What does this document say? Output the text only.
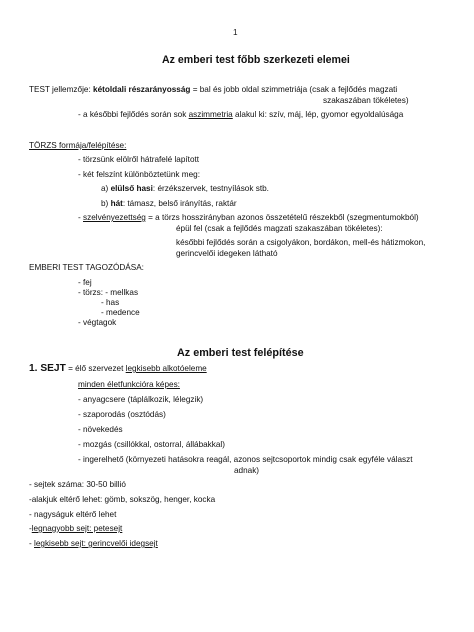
1
Az emberi test főbb szerkezeti elemei
TEST jellemzője: kétoldali részarányosság = bal és jobb oldal szimmetriája (csak a fejlődés magzati
szakaszában tökéletes)
- a későbbi fejlődés során sok aszimmetria alakul ki: szív, máj, lép, gyomor egyoldalúsága
TÖRZS formája/felépítése:
- törzsünk elölről hátrafelé lapított
- két felszínt különböztetünk meg:
a) elülső hasi: érzékszervek, testnyílások stb.
b) hát: támasz, belső irányítás, raktár
- szelvényezettség = a törzs hosszirányban azonos összetételű részekből (szegmentumokból)
épül fel (csak a fejlődés magzati szakaszában tökéletes):
későbbi fejlődés során a csigolyákon, bordákon, mell-és hátizmokon,
gerincvelői idegeken látható
EMBERI TEST TAGOZÓDÁSA:
- fej
- törzs: - mellkas
- has
- medence
- végtagok
Az emberi test felépítése
1. SEJT = élő szervezet legkisebb alkotóeleme
minden életfunkcióra képes:
- anyagcsere (táplálkozik, lélegzik)
- szaporodás (osztódás)
- növekedés
- mozgás (csillókkal, ostorral, állábakkal)
- ingerelhető (környezeti hatásokra reagál, azonos sejtcsoportok mindig csak egyféle választ
adnak)
- sejtek száma: 30-50 billió
-alakjuk eltérő lehet: gömb, sokszög, henger, kocka
- nagyságuk eltérő lehet
-legnagyobb sejt: petesejt
- legkisebb sejt: gerincvelői idegsejt
